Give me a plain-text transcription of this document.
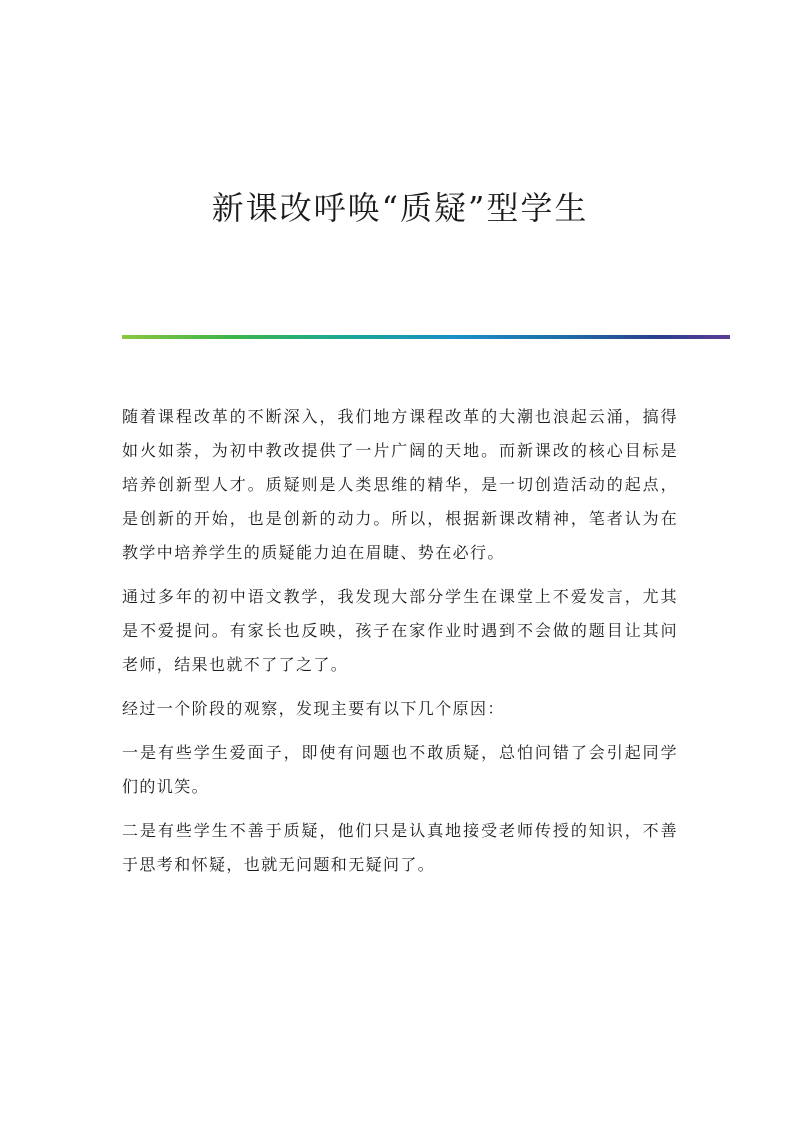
新课改呼唤“质疑”型学生

随着课程改革的不断深入，我们地方课程改革的大潮也浪起云涌，搞得如火如荼，为初中教改提供了一片广阔的天地。而新课改的核心目标是培养创新型人才。质疑则是人类思维的精华，是一切创造活动的起点，是创新的开始，也是创新的动力。所以，根据新课改精神，笔者认为在教学中培养学生的质疑能力迫在眉睫、势在必行。

通过多年的初中语文教学，我发现大部分学生在课堂上不爱发言，尤其是不爱提问。有家长也反映，孩子在家作业时遇到不会做的题目让其问老师，结果也就不了了之了。

经过一个阶段的观察，发现主要有以下几个原因：

一是有些学生爱面子，即使有问题也不敢质疑，总怕问错了会引起同学们的讥笑。

二是有些学生不善于质疑，他们只是认真地接受老师传授的知识，不善于思考和怀疑，也就无问题和无疑问了。
